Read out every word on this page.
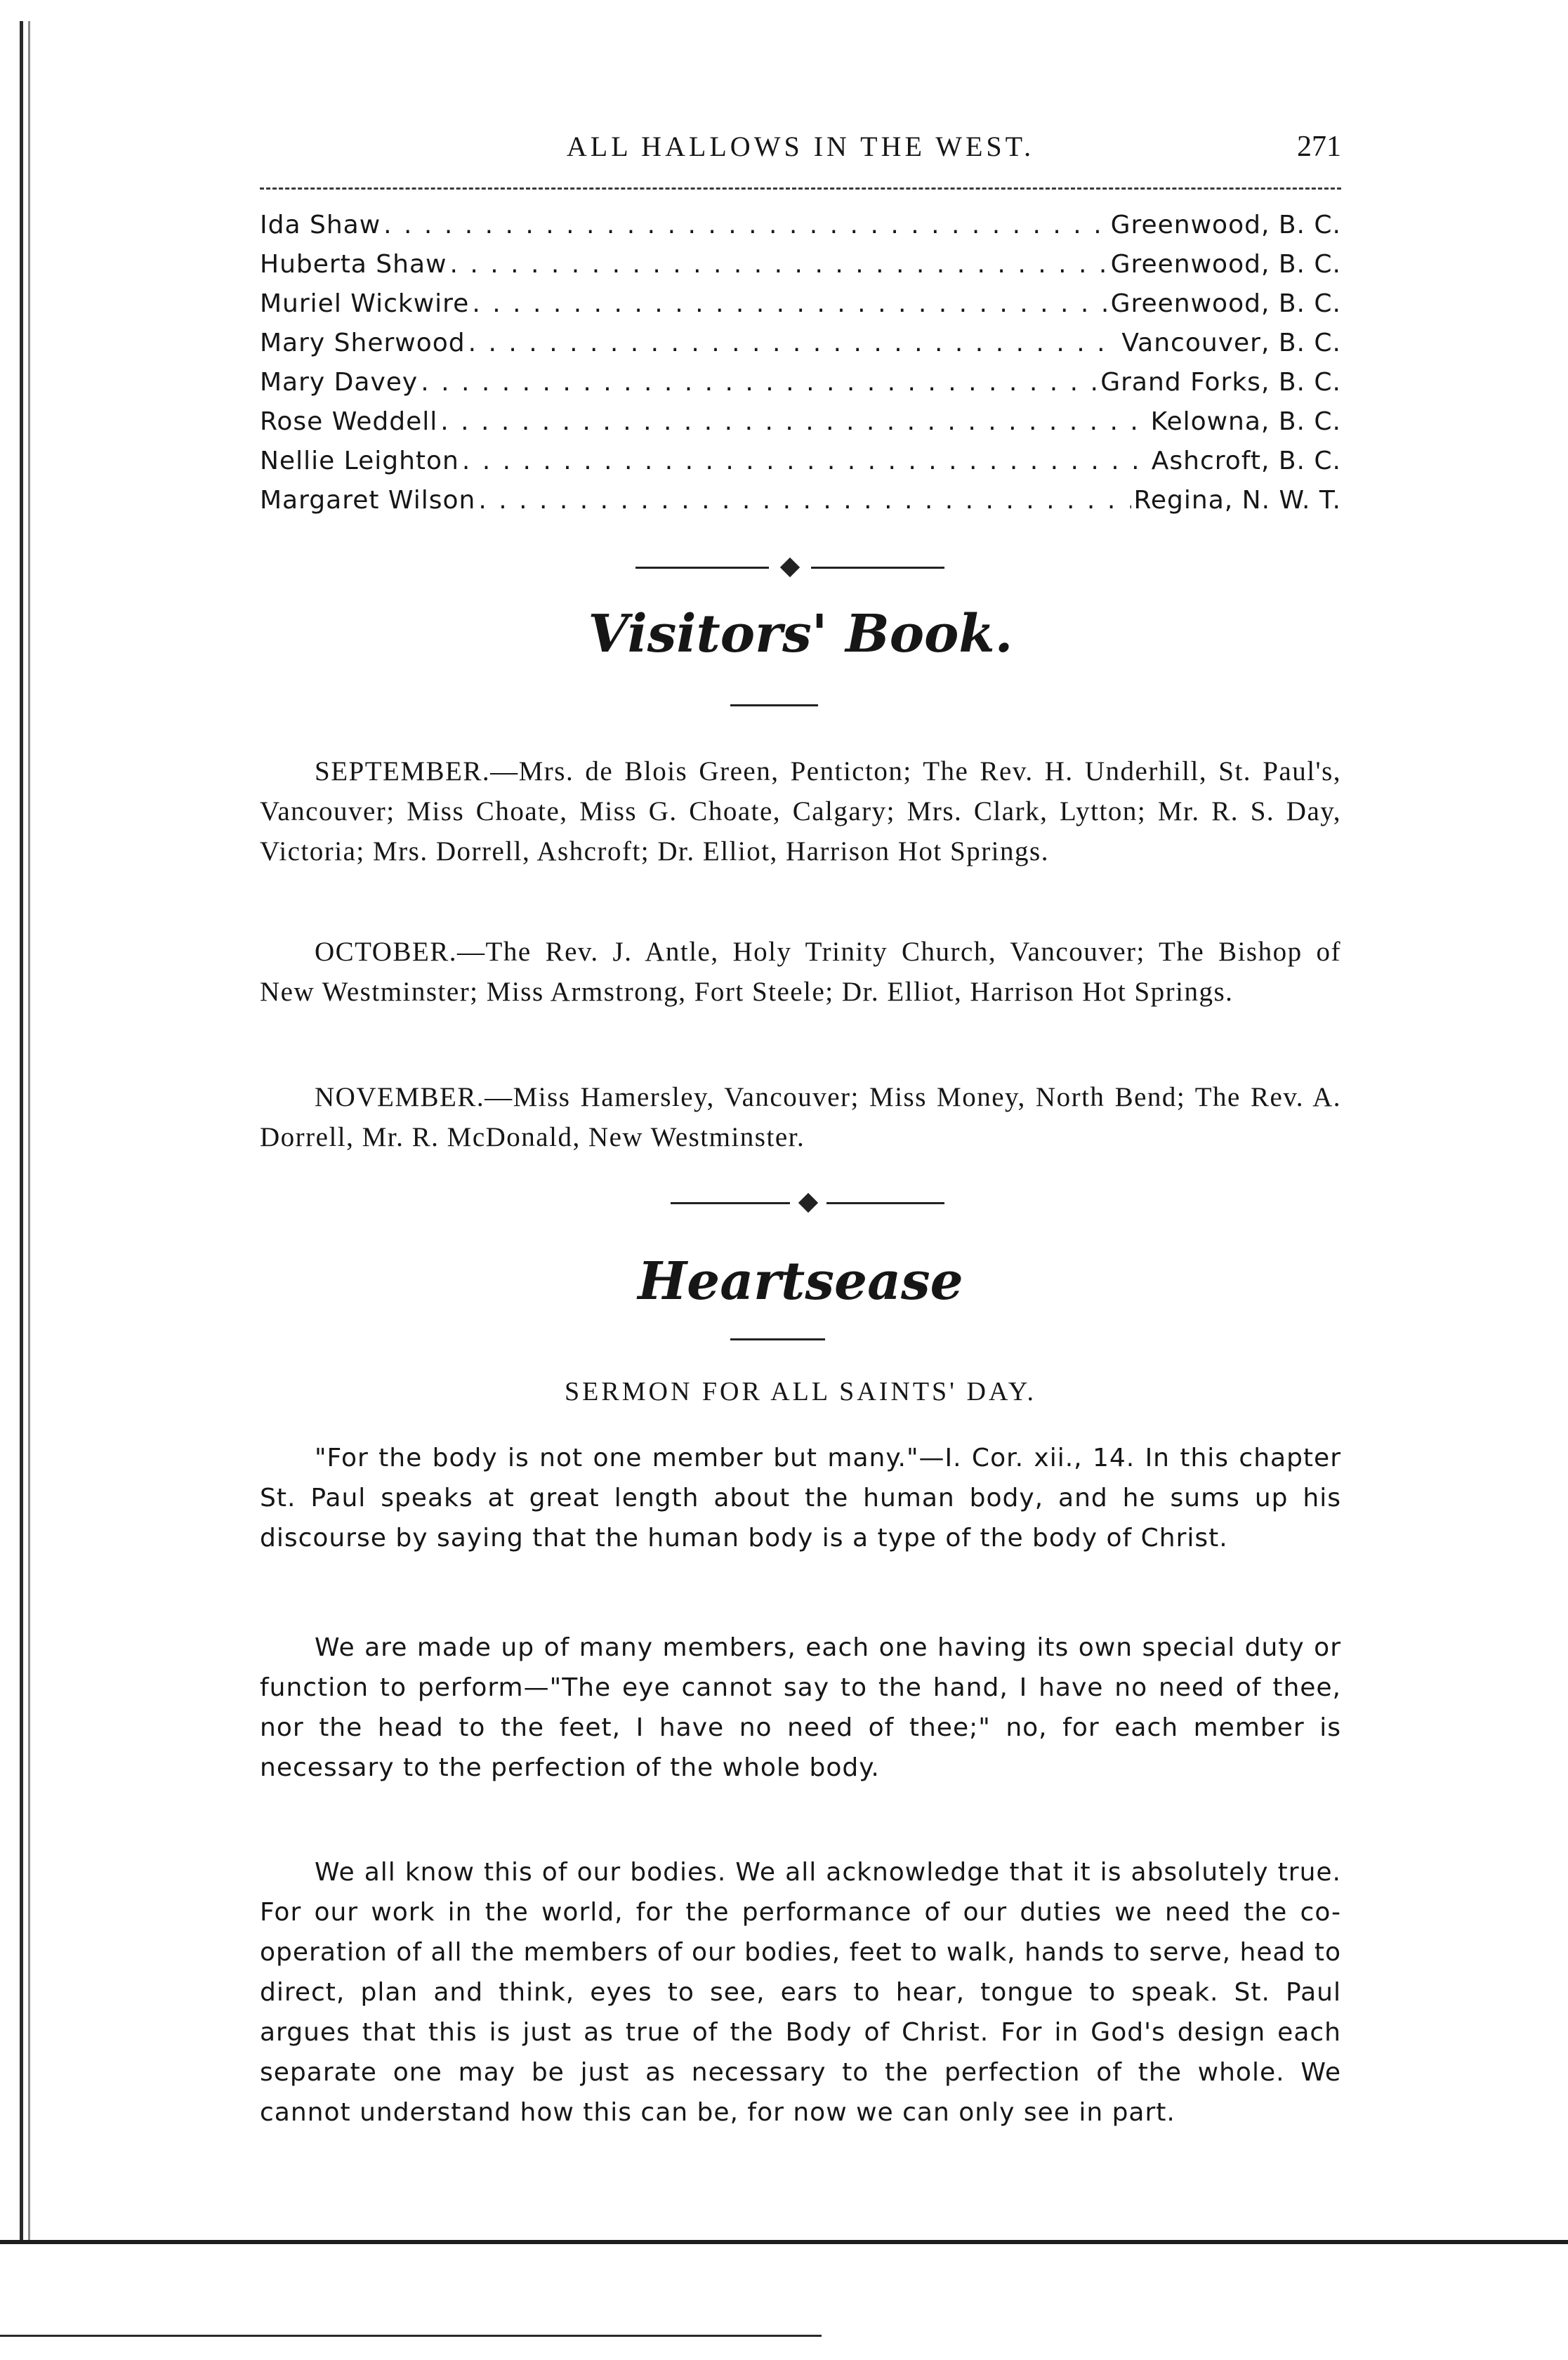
ALL HALLOWS IN THE WEST.	271
Ida Shaw . . .	Greenwood, B. C.
Huberta Shaw . . .	Greenwood, B. C.
Muriel Wickwire . . .	Greenwood, B. C.
Mary Sherwood . . .	Vancouver, B. C.
Mary Davey . . .	Grand Forks, B. C.
Rose Weddell . . .	Kelowna, B. C.
Nellie Leighton . . .	Ashcroft, B. C.
Margaret Wilson . . .	Regina, N. W. T.
Visitors' Book.

SEPTEMBER.—Mrs. de Blois Green, Penticton; The Rev. H. Underhill, St. Paul's, Vancouver; Miss Choate, Miss G. Choate, Calgary; Mrs. Clark, Lytton; Mr. R. S. Day, Victoria; Mrs. Dorrell, Ashcroft; Dr. Elliot, Harrison Hot Springs.

OCTOBER.—The Rev. J. Antle, Holy Trinity Church, Vancouver; The Bishop of New Westminster; Miss Armstrong, Fort Steele; Dr. Elliot, Harrison Hot Springs.

NOVEMBER.—Miss Hamersley, Vancouver; Miss Money, North Bend; The Rev. A. Dorrell, Mr. R. McDonald, New Westminster.

Heartsease
SERMON FOR ALL SAINTS' DAY.

"For the body is not one member but many."—I. Cor. xii., 14. In this chapter St. Paul speaks at great length about the human body, and he sums up his discourse by saying that the human body is a type of the body of Christ.

We are made up of many members, each one having its own special duty or function to perform—"The eye cannot say to the hand, I have no need of thee, nor the head to the feet, I have no need of thee;" no, for each member is necessary to the perfection of the whole body.

We all know this of our bodies. We all acknowledge that it is absolutely true. For our work in the world, for the performance of our duties we need the co-operation of all the members of our bodies, feet to walk, hands to serve, head to direct, plan and think, eyes to see, ears to hear, tongue to speak. St. Paul argues that this is just as true of the Body of Christ. For in God's design each separate one may be just as necessary to the perfection of the whole. We cannot understand how this can be, for now we can only see in part.
